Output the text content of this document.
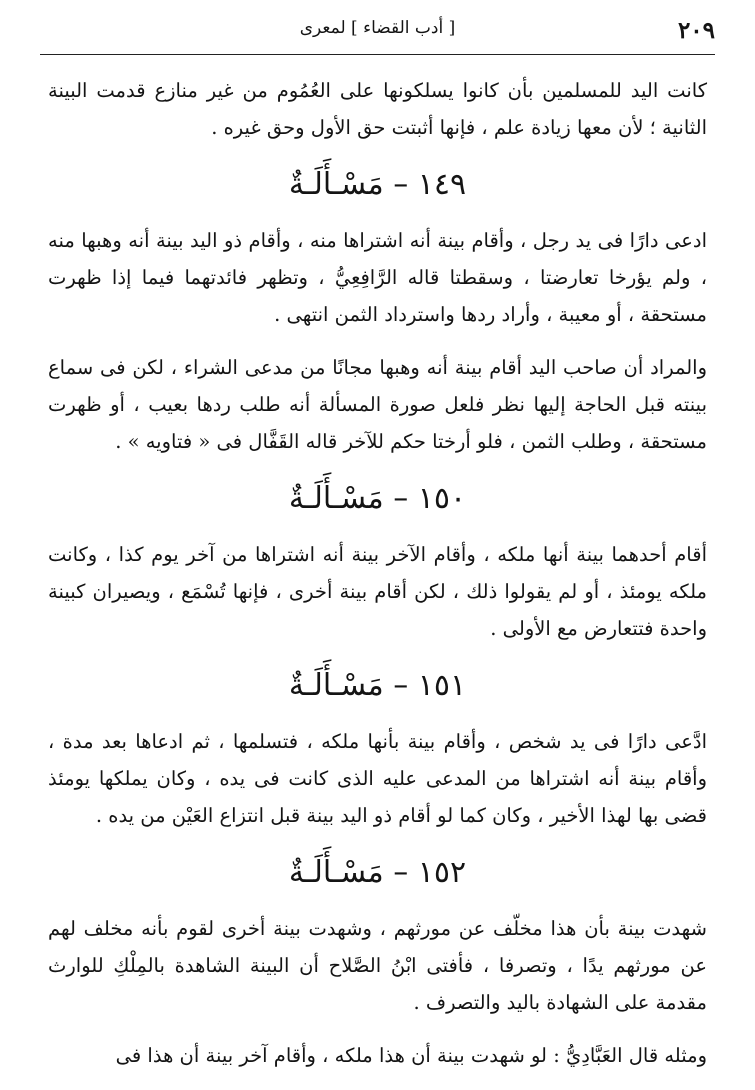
٢٠٩
[ أدب القضاء ] لمعرى

كانت اليد للمسلمين بأن كانوا يسلكونها على العُمُوم من غير منازع قدمت البينة الثانية ؛ لأن معها زيادة علم ، فإنها أثبتت حق الأول وحق غيره .

١٤٩ – مَسْـأَلَـةٌ

ادعى دارًا فى يد رجل ، وأقام بينة أنه اشتراها منه ، وأقام ذو اليد بينة أنه وهبها منه ، ولم يؤرخا تعارضتا ، وسقطتا قاله الرَّافِعِيُّ ، وتظهر فائدتهما فيما إذا ظهرت مستحقة ، أو معيبة ، وأراد ردها واسترداد الثمن انتهى .

والمراد أن صاحب اليد أقام بينة أنه وهبها مجانًا من مدعى الشراء ، لكن فى سماع بينته قبل الحاجة إليها نظر فلعل صورة المسألة أنه طلب ردها بعيب ، أو ظهرت مستحقة ، وطلب الثمن ، فلو أرختا حكم للآخر قاله القَفَّال فى « فتاويه » .

١٥٠ – مَسْـأَلَـةٌ

أقام أحدهما بينة أنها ملكه ، وأقام الآخر بينة أنه اشتراها من آخر يوم كذا ، وكانت ملكه يومئذ ، أو لم يقولوا ذلك ، لكن أقام بينة أخرى ، فإنها تُسْمَع ، ويصيران كبينة واحدة فتتعارض مع الأولى .

١٥١ – مَسْـأَلَـةٌ

ادَّعى دارًا فى يد شخص ، وأقام بينة بأنها ملكه ، فتسلمها ، ثم ادعاها بعد مدة ، وأقام بينة أنه اشتراها من المدعى عليه الذى كانت فى يده ، وكان يملكها يومئذ قضى بها لهذا الأخير ، وكان كما لو أقام ذو اليد بينة قبل انتزاع العَيْن من يده .

١٥٢ – مَسْـأَلَـةٌ

شهدت بينة بأن هذا مخلّف عن مورثهم ، وشهدت بينة أخرى لقوم بأنه مخلف لهم عن مورثهم يدًا ، وتصرفا ، فأفتى ابْنُ الصَّلاح أن البينة الشاهدة بالمِلْكِ للوارث مقدمة على الشهادة باليد والتصرف .

ومثله قال العَبَّادِيُّ : لو شهدت بينة أن هذا ملكه ، وأقام آخر بينة أن هذا فى
